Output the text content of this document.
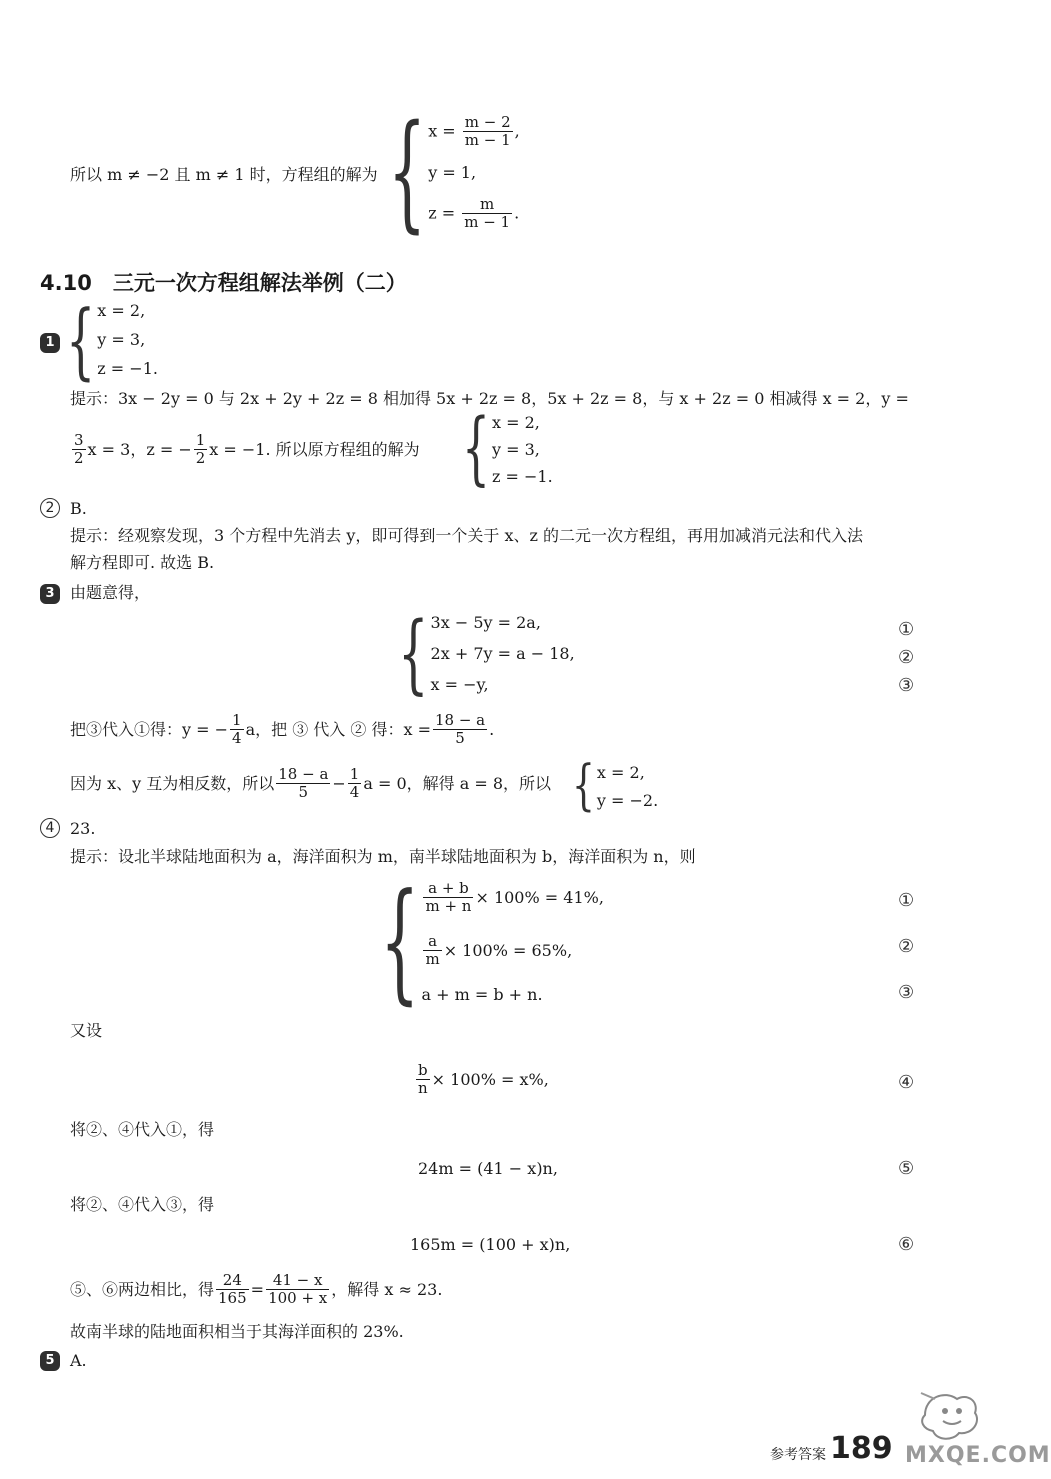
所以 m ≠ −2 且 m ≠ 1 时，方程组的解为 { $x = \frac{m - 2}{m - 1}$ ,
y = 1,
$z = \frac{m}{m - 1}$ .
4.10　三元一次方程组解法举例（二）
1 { x = 2,
y = 3,
z = −1.
提示：3x − 2y = 0 与 2x + 2y + 2z = 8 相加得 5x + 2z = 8，5x + 2z = 8，与 x + 2z = 0 相减得 x = 2，y =
$\frac{3}{2}$ x = 3，z = − $\frac{1}{2}$ x = −1. 所以原方程组的解为 { x = 2,
y = 3,
z = −1.
2 B.
提示：经观察发现，3 个方程中先消去 y，即可得到一个关于 x、z 的二元一次方程组，再用加减消元法和代入法
解方程即可. 故选 B.
3 由题意得，
{ 3x − 5y = 2a,
2x + 7y = a − 18,
x = −y,
①
②
③
把③代入①得：y = − $\frac{1}{4}$ a，把 ③ 代入 ② 得：$x = \frac{18 - a}{5}$ .
因为 x、y 互为相反数，所以 $\frac{18 - a}{5} - \frac{1}{4}$ a = 0，解得 a = 8，所以 { x = 2,
y = −2.
4 23.
提示：设北半球陆地面积为 a，海洋面积为 m，南半球陆地面积为 b，海洋面积为 n，则
{ $\frac{a + b}{m + n} \times 100\% = 41\%$,
$\frac{a}{m} \times 100\% = 65\%$,
a + m = b + n.
①
②
③
又设
$\frac{b}{n} \times 100\% = x\%$,	④
将②、④代入①，得
24m = (41 − x)n,	⑤
将②、④代入③，得
165m = (100 + x)n,	⑥
⑤、⑥两边相比，得 $\frac{24}{165} = \frac{41 - x}{100 + x}$ ，解得 x ≈ 23.
故南半球的陆地面积相当于其海洋面积的 23%.
5 A.
参考答案 189 MXQE.COM
